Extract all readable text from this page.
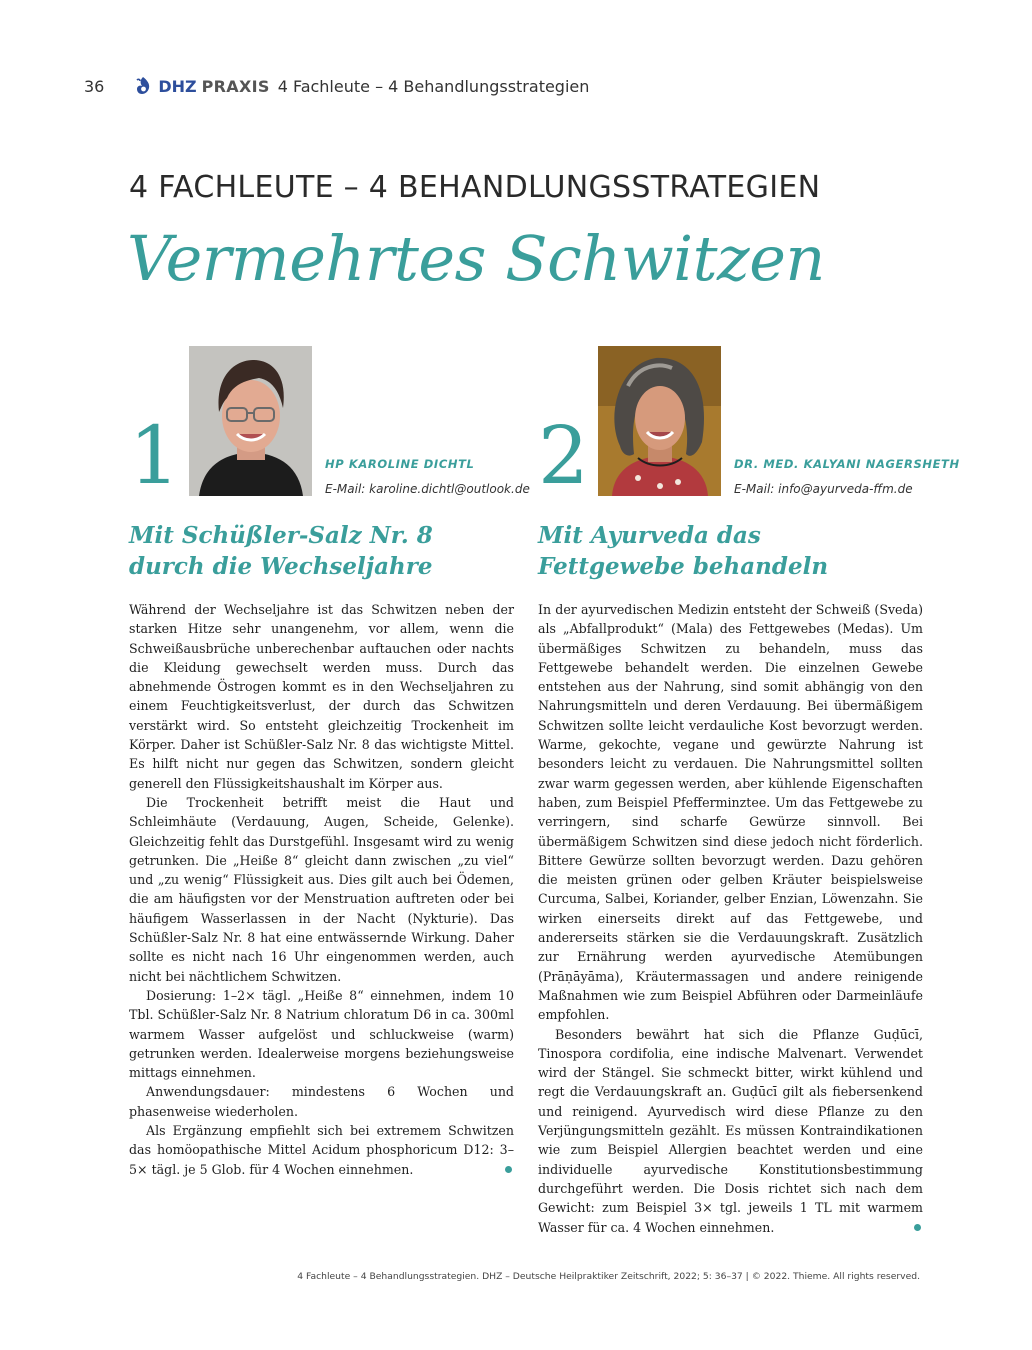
36	DHZ PRAXIS 4 Fachleute – 4 Behandlungsstrategien
4 FACHLEUTE – 4 BEHANDLUNGSSTRATEGIEN
Vermehrtes Schwitzen
1	HP KAROLINE DICHTL
E-Mail: karoline.dichtl@outlook.de
Mit Schüßler-Salz Nr. 8 durch die Wechseljahre

Während der Wechseljahre ist das Schwitzen neben der starken Hitze sehr unangenehm, vor allem, wenn die Schweißausbrüche unberechenbar auftauchen oder nachts die Kleidung gewechselt werden muss. Durch das abnehmende Östrogen kommt es in den Wechseljahren zu einem Feuchtigkeitsverlust, der durch das Schwitzen verstärkt wird. So entsteht gleichzeitig Trockenheit im Körper. Daher ist Schüßler-Salz Nr. 8 das wichtigste Mittel. Es hilft nicht nur gegen das Schwitzen, sondern gleicht generell den Flüssigkeitshaushalt im Körper aus.

Die Trockenheit betrifft meist die Haut und Schleimhäute (Verdauung, Augen, Scheide, Gelenke). Gleichzeitig fehlt das Durstgefühl. Insgesamt wird zu wenig getrunken. Die „Heiße 8“ gleicht dann zwischen „zu viel“ und „zu wenig“ Flüssigkeit aus. Dies gilt auch bei Ödemen, die am häufigsten vor der Menstruation auftreten oder bei häufigem Wasserlassen in der Nacht (Nykturie). Das Schüßler-Salz Nr. 8 hat eine entwässernde Wirkung. Daher sollte es nicht nach 16 Uhr eingenommen werden, auch nicht bei nächtlichem Schwitzen.

Dosierung: 1–2× tägl. „Heiße 8“ einnehmen, indem 10 Tbl. Schüßler-Salz Nr. 8 Natrium chloratum D6 in ca. 300ml warmem Wasser aufgelöst und schluckweise (warm) getrunken werden. Idealerweise morgens beziehungsweise mittags einnehmen.

Anwendungsdauer: mindestens 6 Wochen und phasenweise wiederholen.

Als Ergänzung empfiehlt sich bei extremem Schwitzen das homöopathische Mittel Acidum phosphoricum D12: 3–5× tägl. je 5 Glob. für 4 Wochen einnehmen.

2	DR. MED. KALYANI NAGERSHETH
E-Mail: info@ayurveda-ffm.de
Mit Ayurveda das Fettgewebe behandeln

In der ayurvedischen Medizin entsteht der Schweiß (Sveda) als „Abfallprodukt“ (Mala) des Fettgewebes (Medas). Um übermäßiges Schwitzen zu behandeln, muss das Fettgewebe behandelt werden. Die einzelnen Gewebe entstehen aus der Nahrung, sind somit abhängig von den Nahrungsmitteln und deren Verdauung. Bei übermäßigem Schwitzen sollte leicht verdauliche Kost bevorzugt werden. Warme, gekochte, vegane und gewürzte Nahrung ist besonders leicht zu verdauen. Die Nahrungsmittel sollten zwar warm gegessen werden, aber kühlende Eigenschaften haben, zum Beispiel Pfefferminztee. Um das Fettgewebe zu verringern, sind scharfe Gewürze sinnvoll. Bei übermäßigem Schwitzen sind diese jedoch nicht förderlich. Bittere Gewürze sollten bevorzugt werden. Dazu gehören die meisten grünen oder gelben Kräuter beispielsweise Curcuma, Salbei, Koriander, gelber Enzian, Löwenzahn. Sie wirken einerseits direkt auf das Fettgewebe, und andererseits stärken sie die Verdauungskraft. Zusätzlich zur Ernährung werden ayurvedische Atemübungen (Prāṇāyāma), Kräutermassagen und andere reinigende Maßnahmen wie zum Beispiel Abführen oder Darmeinläufe empfohlen.

Besonders bewährt hat sich die Pflanze Guḍūcī, Tinospora cordifolia, eine indische Malvenart. Verwendet wird der Stängel. Sie schmeckt bitter, wirkt kühlend und regt die Verdauungskraft an. Guḍūcī gilt als fiebersenkend und reinigend. Ayurvedisch wird diese Pflanze zu den Verjüngungsmitteln gezählt. Es müssen Kontraindikationen wie zum Beispiel Allergien beachtet werden und eine individuelle ayurvedische Konstitutionsbestimmung durchgeführt werden. Die Dosis richtet sich nach dem Gewicht: zum Beispiel 3× tgl. jeweils 1 TL mit warmem Wasser für ca. 4 Wochen einnehmen.

4 Fachleute – 4 Behandlungsstrategien. DHZ – Deutsche Heilpraktiker Zeitschrift, 2022; 5: 36–37 | © 2022. Thieme. All rights reserved.
